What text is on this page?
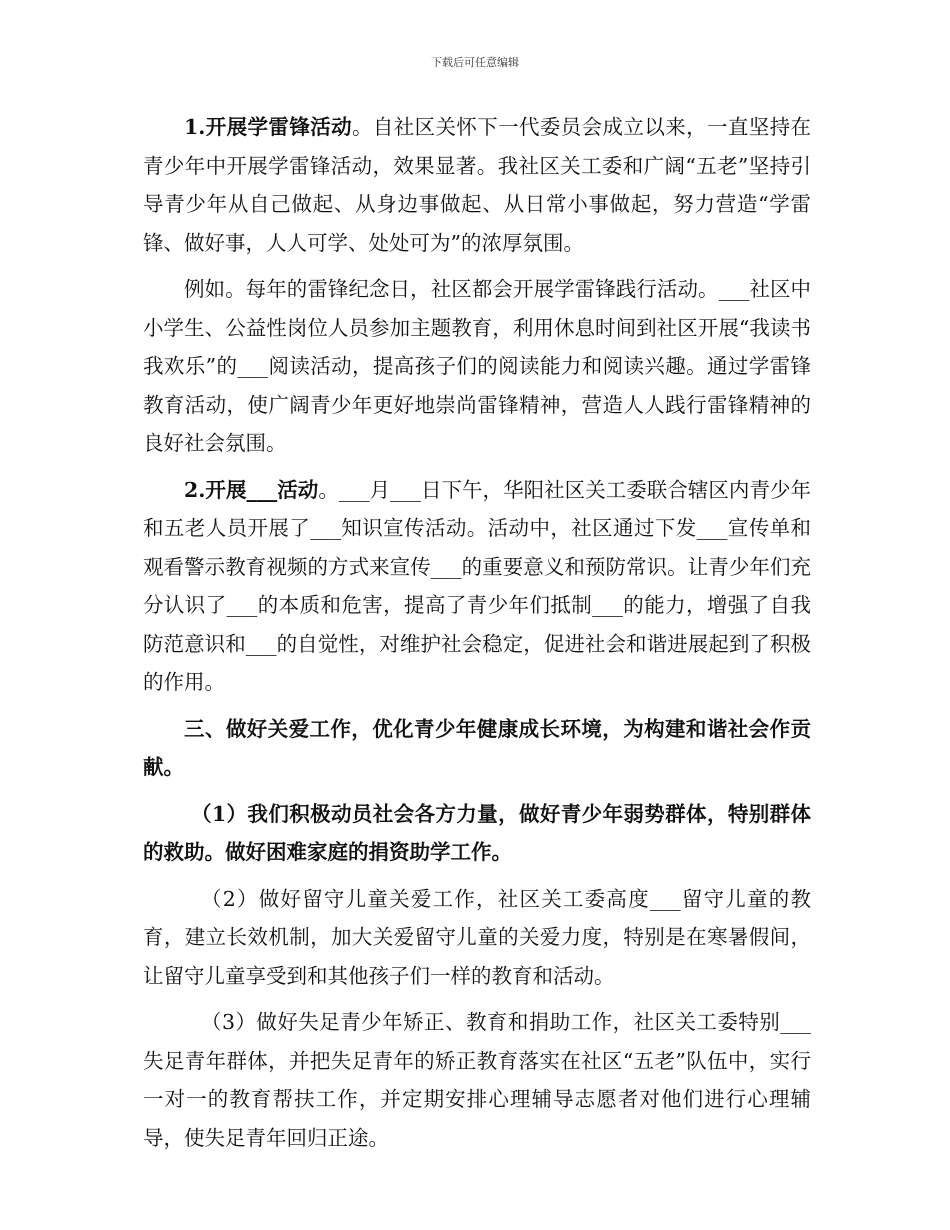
下载后可任意编辑

1.开展学雷锋活动。自社区关怀下一代委员会成立以来，一直坚持在青少年中开展学雷锋活动，效果显著。我社区关工委和广阔“五老”坚持引导青少年从自己做起、从身边事做起、从日常小事做起，努力营造“学雷锋、做好事，人人可学、处处可为”的浓厚氛围。

例如。每年的雷锋纪念日，社区都会开展学雷锋践行活动。___社区中小学生、公益性岗位人员参加主题教育，利用休息时间到社区开展“我读书我欢乐”的___阅读活动，提高孩子们的阅读能力和阅读兴趣。通过学雷锋教育活动，使广阔青少年更好地崇尚雷锋精神，营造人人践行雷锋精神的良好社会氛围。

2.开展___活动。___月___日下午，华阳社区关工委联合辖区内青少年和五老人员开展了___知识宣传活动。活动中，社区通过下发___宣传单和观看警示教育视频的方式来宣传___的重要意义和预防常识。让青少年们充分认识了___的本质和危害，提高了青少年们抵制___的能力，增强了自我防范意识和___的自觉性，对维护社会稳定，促进社会和谐进展起到了积极的作用。

三、做好关爱工作，优化青少年健康成长环境，为构建和谐社会作贡献。

（1）我们积极动员社会各方力量，做好青少年弱势群体，特别群体的救助。做好困难家庭的捐资助学工作。

（2）做好留守儿童关爱工作，社区关工委高度___留守儿童的教育，建立长效机制，加大关爱留守儿童的关爱力度，特别是在寒暑假间，让留守儿童享受到和其他孩子们一样的教育和活动。

（3）做好失足青少年矫正、教育和捐助工作，社区关工委特别___失足青年群体，并把失足青年的矫正教育落实在社区“五老”队伍中，实行一对一的教育帮扶工作，并定期安排心理辅导志愿者对他们进行心理辅导，使失足青年回归正途。
